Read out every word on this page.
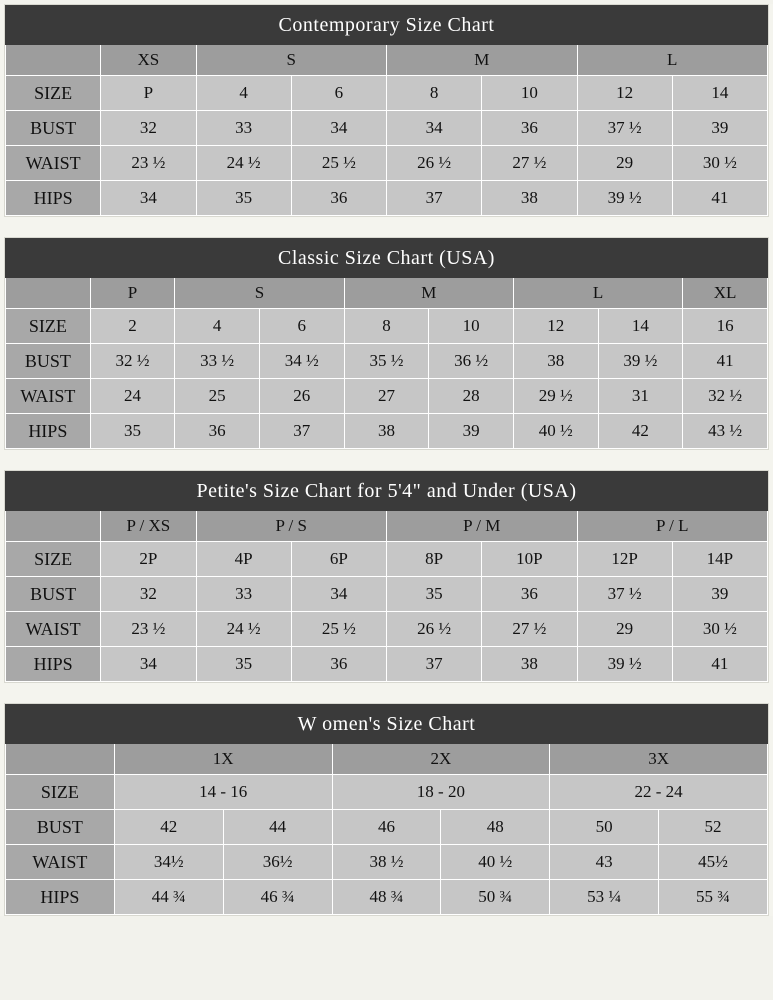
Contemporary Size Chart							
	XS	S		M		L	
SIZE	P	4	6	8	10	12	14
BUST	32	33	34	34	36	37 ½	39
WAIST	23 ½	24 ½	25 ½	26 ½	27 ½	29	30 ½
HIPS	34	35	36	37	38	39 ½	41
Classic Size Chart (USA)								
	P	S		M		L		XL
SIZE	2	4	6	8	10	12	14	16
BUST	32 ½	33 ½	34 ½	35 ½	36 ½	38	39 ½	41
WAIST	24	25	26	27	28	29 ½	31	32 ½
HIPS	35	36	37	38	39	40 ½	42	43 ½
Petite's Size Chart for 5'4" and Under (USA)							
	P / XS	P / S		P / M		P / L	
SIZE	2P	4P	6P	8P	10P	12P	14P
BUST	32	33	34	35	36	37 ½	39
WAIST	23 ½	24 ½	25 ½	26 ½	27 ½	29	30 ½
HIPS	34	35	36	37	38	39 ½	41
W omen's Size Chart						
	1X		2X		3X	
SIZE	14 - 16		18 - 20		22 - 24	
BUST	42	44	46	48	50	52
WAIST	34½	36½	38 ½	40 ½	43	45½
HIPS	44 ¾	46 ¾	48 ¾	50 ¾	53 ¼	55 ¾
